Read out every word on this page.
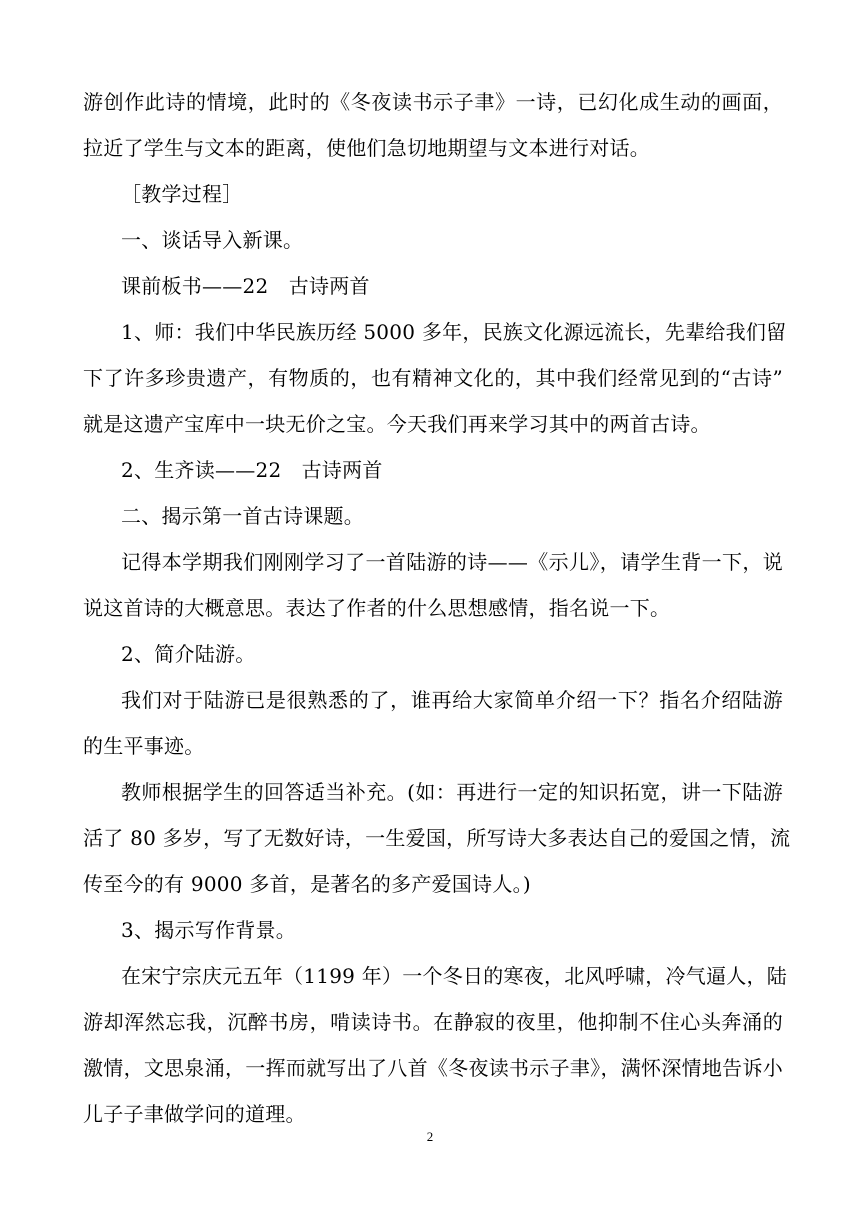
游创作此诗的情境，此时的《冬夜读书示子聿》一诗，已幻化成生动的画面，
拉近了学生与文本的距离，使他们急切地期望与文本进行对话。
［教学过程］
一、谈话导入新课。
课前板书——22　古诗两首
1、师：我们中华民族历经 5000 多年，民族文化源远流长，先辈给我们留
下了许多珍贵遗产，有物质的，也有精神文化的，其中我们经常见到的“古诗”
就是这遗产宝库中一块无价之宝。今天我们再来学习其中的两首古诗。
2、生齐读——22　古诗两首
二、揭示第一首古诗课题。
记得本学期我们刚刚学习了一首陆游的诗——《示儿》，请学生背一下，说
说这首诗的大概意思。表达了作者的什么思想感情，指名说一下。
2、简介陆游。
我们对于陆游已是很熟悉的了，谁再给大家简单介绍一下？指名介绍陆游
的生平事迹。
教师根据学生的回答适当补充。(如：再进行一定的知识拓宽，讲一下陆游
活了 80 多岁，写了无数好诗，一生爱国，所写诗大多表达自己的爱国之情，流
传至今的有 9000 多首，是著名的多产爱国诗人。)
3、揭示写作背景。
在宋宁宗庆元五年（1199 年）一个冬日的寒夜，北风呼啸，冷气逼人，陆
游却浑然忘我，沉醉书房，啃读诗书。在静寂的夜里，他抑制不住心头奔涌的
激情，文思泉涌，一挥而就写出了八首《冬夜读书示子聿》，满怀深情地告诉小
儿子子聿做学问的道理。
2
